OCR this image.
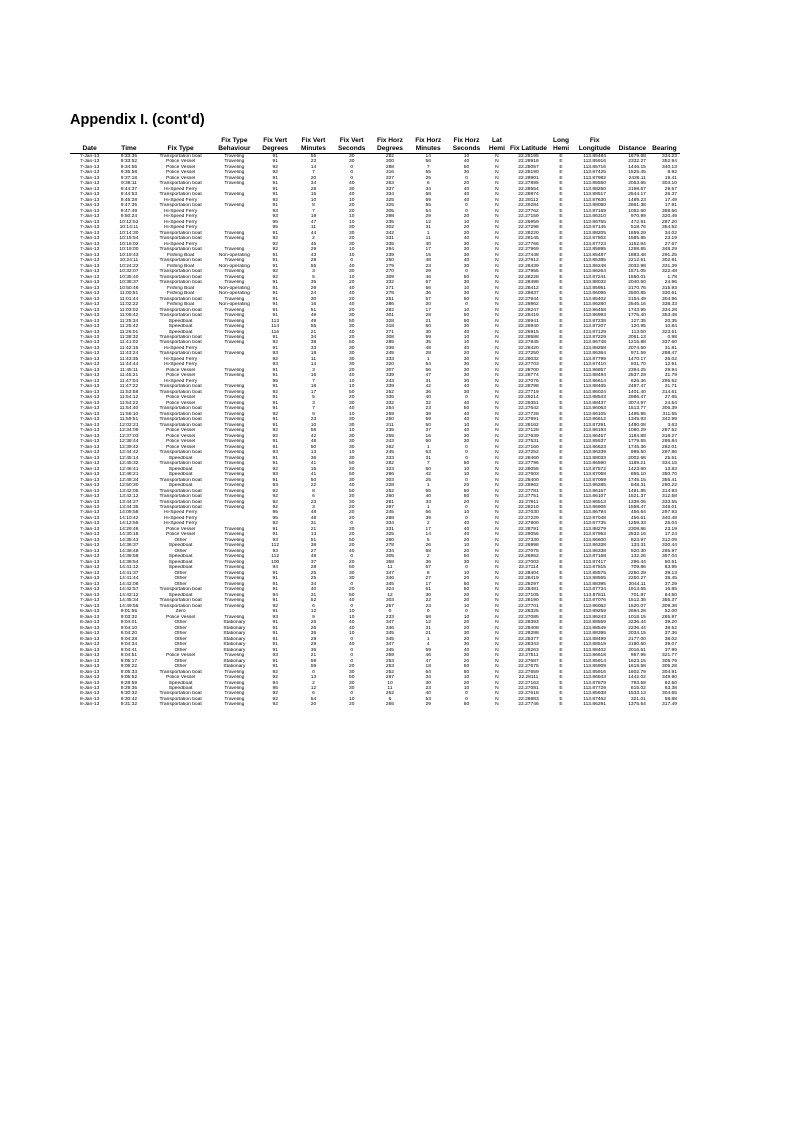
Appendix I. (cont'd)
Date	Time	Fix Type	Fix Type Behaviour	Fix Vert Degrees	Fix Vert Minutes	Fix Vert Seconds	Fix Horz Degrees	Fix Horz Minutes	Fix Horz Seconds	Lat Hemi	Fix Latitude	Long Hemi	Fix Longitude	Distance	Bearing
7-Jan-13	9:33:35	Transportation boat	Traveling	91	55	30	282	14	10	N	22.28195	E	113.85484	1679.68	334.23
7-Jan-13	9:33:52	Police Vessel	Traveling	91	23	30	300	56	40	N	22.28916	E	113.85916	2332.27	352.94
7-Jan-13	9:34:55	Police Vessel	Traveling	92	14	0	288	7	50	N	22.28057	E	113.85716	1446.15	340.13
7-Jan-13	9:35:58	Police Vessel	Traveling	92	7	0	316	55	30	N	22.28190	E	113.87425	1525.45	8.92
7-Jan-13	9:37:18	Police Vessel	Traveling	91	20	0	327	25	0	N	22.28901	E	113.87982	2436.11	19.41
7-Jan-13	9:38:11	Transportation boat	Traveling	91	34	40	253	6	20	N	22.27895	E	113.85550	2053.65	303.10
7-Jan-13	9:44:37	Hi-Speed Ferry		91	28	30	337	34	40	N	22.28554	E	113.88250	2198.67	29.57
7-Jan-13	9:44:53	Transportation boat	Traveling	91	15	40	334	58	40	N	22.28874	E	113.88517	2544.17	26.37
7-Jan-13	9:45:28	Hi-Speed Ferry		92	10	10	325	59	40	N	22.28112	E	113.87630	1489.23	17.49
7-Jan-13	9:47:35	Transportation boat	Traveling	91	8	20	325	55	0	N	22.29284	E	113.88050	2861.38	17.91
7-Jan-13	9:47:49	Hi-Speed Ferry		93	7	20	305	54	0	N	22.27762	E	113.87169	1052.60	358.56
7-Jan-13	9:50:24	Hi-Speed Ferry		93	19	10	298	29	20	N	22.27159	E	113.86310	970.99	320.49
7-Jan-13	10:12:52	Hi-Speed Ferry		95	47	10	235	12	10	N	22.26959	E	113.86755	472.91	287.20
7-Jan-13	10:14:11	Hi-Speed Ferry		95	11	30	302	31	20	N	22.27298	E	113.87145	518.76	354.52
7-Jan-13	10:14:30	Transportation boat	Traveling	91	44	30	342	1	20	N	22.28220	E	113.88205	1859.29	34.02
7-Jan-13	10:15:54	Transportation boat	Traveling	92	2	20	331	11	40	N	22.28145	E	113.87802	1585.85	23.19
7-Jan-13	10:16:02	Hi-Speed Ferry		92	45	30	335	40	30	N	22.27766	E	113.87723	1152.94	27.67
7-Jan-13	10:19:00	Transportation boat	Traveling	92	29	10	294	17	30	N	22.27969	E	113.85895	1298.85	348.29
7-Jan-13	10:19:43	Fishing Boat	Non-operating	91	43	10	239	15	30	N	22.27448	E	113.85487	1883.48	291.25
7-Jan-13	10:24:11	Transportation boat	Traveling	91	28	0	250	48	40	N	22.27912	E	113.85385	2212.51	302.81
7-Jan-13	10:24:22	Fishing Boat	Non-operating	91	55	40	279	23	30	N	22.28439	E	113.86248	2032.98	331.39
7-Jan-13	10:32:07	Transportation boat	Traveling	92	3	30	270	29	0	N	22.27955	E	113.86264	1571.05	322.48
7-Jan-13	10:35:40	Transportation boat	Traveling	92	5	10	309	46	50	N	22.28228	E	113.87241	1550.01	1.78
7-Jan-13	10:38:37	Transportation boat	Traveling	91	35	20	332	57	30	N	22.28498	E	113.88032	2040.50	24.96
7-Jan-13	10:50:46	Fishing Boat	Non-operating	91	29	40	271	56	10	N	22.28412	E	113.85951	2170.76	315.93
7-Jan-13	11:00:51	Fishing Boat	Non-operating	91	24	40	278	36	30	N	22.28837	E	113.86095	2500.85	330.61
7-Jan-13	11:01:44	Transportation boat	Traveling	91	30	20	251	57	50	N	22.27944	E	113.85402	2154.49	304.96
7-Jan-13	11:02:22	Fishing Boat	Non-operating	91	16	40	286	20	0	N	22.28962	E	113.86280	2545.16	338.33
7-Jan-13	11:03:02	Transportation boat	Traveling	91	51	20	282	17	10	N	22.28247	E	113.86458	1743.95	334.28
7-Jan-13	11:06:42	Transportation boat	Traveling	91	49	30	301	28	50	N	22.28419	E	113.86993	1775.40	353.48
7-Jan-13	11:25:34	Speedboat	Traveling	113	49	50	328	21	50	N	22.26941	E	113.87238	127.35	20.35
7-Jan-13	11:25:42	Speedboat	Traveling	114	55	30	318	50	30	N	22.26940	E	113.87207	120.95	10.84
7-Jan-13	11:26:01	Speedboat	Traveling	116	21	40	271	30	40	N	22.26915	E	113.87129	113.50	323.51
7-Jan-13	11:38:32	Transportation boat	Traveling	91	34	20	308	59	10	N	22.28588	E	113.87229	2061.13	0.98
7-Jan-13	11:41:02	Transportation boat	Traveling	92	38	50	285	35	10	N	22.27845	E	113.86748	1215.88	337.60
7-Jan-13	11:42:15	Hi-Speed Ferry		91	33	30	339	48	40	N	22.28420	E	113.88258	2074.50	31.81
7-Jan-13	11:43:24	Transportation boat	Traveling	93	18	30	245	28	20	N	22.27250	E	113.86364	971.59	298.47
7-Jan-13	11:43:35	Hi-Speed Ferry		92	11	30	333	1	30	N	22.28032	E	113.87799	1470.17	25.02
7-Jan-13	11:44:44	Hi-Speed Ferry		93	14	30	320	54	30	N	22.27703	E	113.87410	931.70	12.91
7-Jan-13	11:45:11	Police Vessel	Traveling	91	3	20	307	56	30	N	22.28700	E	113.86857	2394.25	29.94
7-Jan-13	11:45:21	Police Vessel	Traveling	91	16	40	339	47	30	N	22.28774	E	113.88494	2537.29	31.79
7-Jan-13	11:47:04	Hi-Speed Ferry		95	7	10	243	31	30	N	22.27076	E	113.86614	626.36	295.52
7-Jan-13	11:47:22	Transportation boat	Traveling	91	18	10	339	42	40	N	22.28798	E	113.88465	2487.47	31.71
7-Jan-13	11:53:58	Transportation boat	Traveling	92	17	50	252	36	30	N	22.27719	E	113.86024	1401.40	314.61
7-Jan-13	11:54:12	Police Vessel	Traveling	91	5	20	335	40	0	N	22.29214	E	113.88543	2986.47	27.65
7-Jan-13	11:54:22	Police Vessel	Traveling	91	3	30	332	32	40	N	22.29351	E	113.88437	3074.97	24.54
7-Jan-13	11:54:40	Transportation boat	Traveling	91	7	40	254	23	50	N	22.27642	E	113.86063	1513.77	306.39
7-Jan-13	11:56:10	Transportation boat	Traveling	92	9	10	259	39	40	N	22.27728	E	113.86105	1495.95	311.55
7-Jan-13	11:59:51	Transportation boat	Traveling	91	23	30	250	59	40	N	22.27991	E	113.86612	1345.93	342.99
7-Jan-13	12:02:21	Transportation boat	Traveling	91	10	30	311	50	10	N	22.28162	E	113.87291	1480.08	3.63
7-Jan-13	12:34:09	Police Vessel	Traveling	92	58	10	235	37	40	N	22.27128	E	113.86193	1080.29	287.52
7-Jan-13	12:37:03	Police Vessel	Traveling	92	42	30	255	16	30	N	22.27639	E	113.86457	1184.88	318.27
7-Jan-13	12:38:44	Police Vessel	Traveling	91	48	30	243	50	30	N	22.27531	E	113.85537	1779.55	295.84
7-Jan-13	12:39:42	Police Vessel	Traveling	91	50	30	262	1	0	N	22.27160	E	113.86623	1745.36	282.01
7-Jan-13	12:44:42	Transportation boat	Traveling	93	13	10	245	53	0	N	22.27252	E	113.86339	995.50	297.86
7-Jan-13	12:45:14	Speedboat	Traveling	91	36	30	333	31	0	N	22.28460	E	113.88033	2002.68	25.51
7-Jan-13	12:45:32	Transportation boat	Traveling	91	41	50	282	7	50	N	22.27796	E	113.86590	1189.21	334.15
7-Jan-13	12:46:41	Speedboat	Traveling	92	15	20	323	50	10	N	22.28055	E	113.87572	1423.60	13.83
7-Jan-13	12:48:21	Speedboat	Traveling	93	41	50	296	42	10	N	22.27603	E	113.87058	855.10	350.70
7-Jan-13	12:48:34	Transportation boat	Traveling	91	50	30	303	25	0	N	22.28400	E	113.87059	1745.15	355.41
7-Jan-13	12:50:30	Speedboat	Traveling	93	22	40	228	1	20	N	22.26962	E	113.86285	848.31	280.22
7-Jan-13	13:42:05	Transportation boat	Traveling	92	8	50	252	55	50	N	22.27781	E	113.86167	1491.85	314.93
7-Jan-13	13:42:12	Transportation boat	Traveling	92	6	20	260	40	50	N	22.27751	E	113.86107	1521.37	312.58
7-Jan-13	13:44:27	Transportation boat	Traveling	92	23	30	281	33	20	N	22.27911	E	113.86513	1338.06	333.55
7-Jan-13	13:44:35	Transportation boat	Traveling	92	3	20	297	1	0	N	22.28210	E	113.86906	1558.47	349.01
7-Jan-13	14:09:58	Hi-Speed Ferry		95	48	20	245	56	10	N	22.27030	E	113.86794	456.64	297.93
7-Jan-13	14:10:42	Hi-Speed Ferry		95	48	20	288	39	0	N	22.27229	E	113.87048	456.61	340.48
7-Jan-13	14:12:55	Hi-Speed Ferry		92	31	0	334	2	40	N	22.27800	E	113.87735	1259.33	25.04
7-Jan-13	14:29:46	Police Vessel	Traveling	91	21	20	331	17	40	N	22.28791	E	113.88279	2308.86	23.19
7-Jan-13	14:30:18	Police Vessel	Traveling	91	13	20	325	14	40	N	22.29056	E	113.87953	2532.16	17.24
7-Jan-13	14:35:43	Other	Traveling	93	51	50	280	5	20	N	22.27330	E	113.86600	823.97	312.09
7-Jan-13	14:36:37	Speedboat	Traveling	112	38	20	278	26	10	N	22.26998	E	113.86338	133.31	330.44
7-Jan-13	14:38:48	Other	Traveling	93	27	40	234	58	20	N	22.27075	E	113.86338	920.30	285.97
7-Jan-13	14:38:58	Speedboat	Traveling	112	48	0	305	2	50	N	22.26952	E	113.87168	132.26	357.04
7-Jan-13	14:38:54	Speedboat	Traveling	100	37	20	358	36	30	N	22.27003	E	113.87417	296.44	50.51
7-Jan-13	14:41:12	Speedboat	Traveling	94	28	50	11	57	0	N	22.27114	E	113.87815	709.86	63.95
7-Jan-13	14:41:37	Other	Traveling	91	25	30	347	8	10	N	22.28404	E	113.88575	2250.29	39.13
7-Jan-13	14:41:44	Other	Traveling	91	25	30	346	27	20	N	22.28419	E	113.88555	2250.27	38.45
7-Jan-13	14:42:06	Other	Traveling	91	34	0	345	17	50	N	22.28297	E	113.88395	2044.11	37.29
7-Jan-13	14:42:57	Transportation boat	Traveling	91	40	20	324	51	50	N	22.28481	E	113.87734	1913.55	16.85
7-Jan-13	14:43:12	Speedboat	Traveling	94	31	50	12	30	20	N	22.27105	E	113.87811	701.87	64.50
7-Jan-13	14:45:34	Transportation boat	Traveling	91	52	40	303	22	20	N	22.28190	E	113.87076	1512.35	355.37
7-Jan-13	14:49:55	Transportation boat	Traveling	92	6	0	257	23	10	N	22.27701	E	113.86052	1520.07	309.38
8-Jan-13	9:01:55	Zero		91	12	10	0	0	0	N	22.28325	E	113.89259	2694.28	52.00
8-Jan-13	9:03:32	Police Vessel	Traveling	93	9	10	233	58	10	N	22.27085	E	113.86243	1018.15	285.97
8-Jan-13	9:04:01	Other	Stationary	91	26	40	347	12	20	N	22.28393	E	113.88559	2236.44	39.20
8-Jan-13	9:04:10	Other	Stationary	91	26	40	346	31	20	N	22.28408	E	113.88549	2236.44	38.52
8-Jan-13	9:04:20	Other	Stationary	91	35	10	345	21	30	N	22.28288	E	113.88395	2034.15	37.36
8-Jan-13	9:04:28	Other	Stationary	91	29	0	345	1	20	N	22.28377	E	113.88499	2177.00	38.02
8-Jan-13	9:04:34	Other	Stationary	91	29	40	347	4	30	N	22.28343	E	113.88519	2180.60	39.07
8-Jan-13	9:04:41	Other	Stationary	91	36	0	345	59	40	N	22.28263	E	113.88402	2016.51	37.99
8-Jan-13	9:04:51	Police Vessel	Traveling	93	21	0	259	46	30	N	22.27511	E	113.86618	957.95	321.77
8-Jan-13	9:05:17	Other	Stationary	91	59	0	253	47	20	N	22.27687	E	113.85914	1623.15	305.79
8-Jan-13	9:05:22	Other	Stationary	91	59	20	253	18	50	N	22.27675	E	113.85909	1618.58	305.28
8-Jan-13	9:05:33	Transportation boat	Traveling	92	0	30	252	54	50	N	22.27659	E	113.85916	1602.79	304.91
8-Jan-13	9:05:52	Police Vessel	Traveling	92	13	50	297	34	10	N	22.28111	E	113.86943	1442.02	349.90
8-Jan-13	9:28:59	Speedboat	Traveling	94	2	30	10	30	20	N	22.27163	E	113.87879	793.59	62.50
8-Jan-13	9:29:35	Speedboat	Traveling	95	12	30	11	23	10	N	22.27081	E	113.87729	615.02	63.38
8-Jan-13	9:30:32	Transportation boat	Traveling	92	6	0	252	40	0	N	22.27618	E	113.85938	1533.13	304.65
8-Jan-13	9:30:42	Transportation boat	Traveling	92	54	10	6	53	0	N	22.26983	E	113.87462	321.01	58.88
8-Jan-13	9:31:32	Transportation boat	Traveling	92	20	20	265	29	50	N	22.27746	E	113.86291	1375.54	317.49
